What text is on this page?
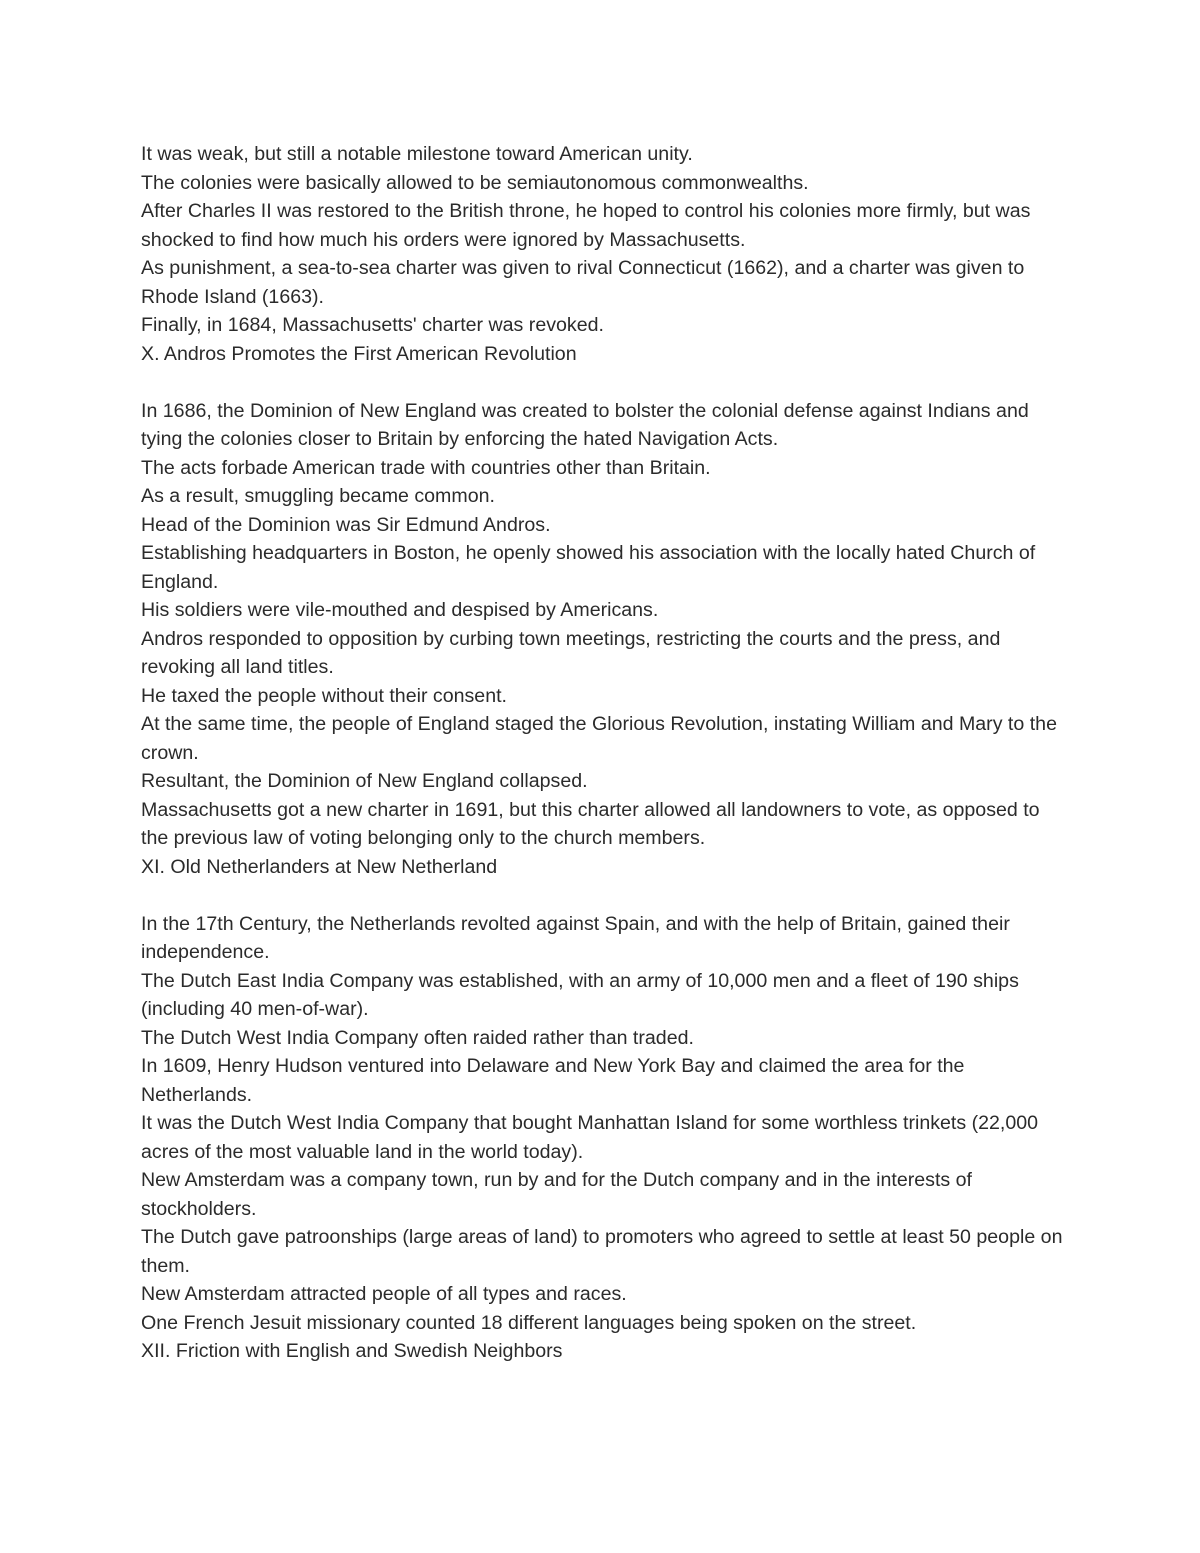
It was weak, but still a notable milestone toward American unity.

The colonies were basically allowed to be semiautonomous commonwealths.

After Charles II was restored to the British throne, he hoped to control his colonies more firmly, but was shocked to find how much his orders were ignored by Massachusetts.

As punishment, a sea-to-sea charter was given to rival Connecticut (1662), and a charter was given to Rhode Island (1663).

Finally, in 1684, Massachusetts' charter was revoked.

X. Andros Promotes the First American Revolution

In 1686, the Dominion of New England was created to bolster the colonial defense against Indians and tying the colonies closer to Britain by enforcing the hated Navigation Acts.

The acts forbade American trade with countries other than Britain.

As a result, smuggling became common.

Head of the Dominion was Sir Edmund Andros.

Establishing headquarters in Boston, he openly showed his association with the locally hated Church of England.

His soldiers were vile-mouthed and despised by Americans.

Andros responded to opposition by curbing town meetings, restricting the courts and the press, and revoking all land titles.

He taxed the people without their consent.

At the same time, the people of England staged the Glorious Revolution, instating William and Mary to the crown.

Resultant, the Dominion of New England collapsed.

Massachusetts got a new charter in 1691, but this charter allowed all landowners to vote, as opposed to the previous law of voting belonging only to the church members.

XI. Old Netherlanders at New Netherland

In the 17th Century, the Netherlands revolted against Spain, and with the help of Britain, gained their independence.

The Dutch East India Company was established, with an army of 10,000 men and a fleet of 190 ships (including 40 men-of-war).

The Dutch West India Company often raided rather than traded.

In 1609, Henry Hudson ventured into Delaware and New York Bay and claimed the area for the Netherlands.

It was the Dutch West India Company that bought Manhattan Island for some worthless trinkets (22,000 acres of the most valuable land in the world today).

New Amsterdam was a company town, run by and for the Dutch company and in the interests of stockholders.

The Dutch gave patroonships (large areas of land) to promoters who agreed to settle at least 50 people on them.

New Amsterdam attracted people of all types and races.

One French Jesuit missionary counted 18 different languages being spoken on the street.

XII. Friction with English and Swedish Neighbors
